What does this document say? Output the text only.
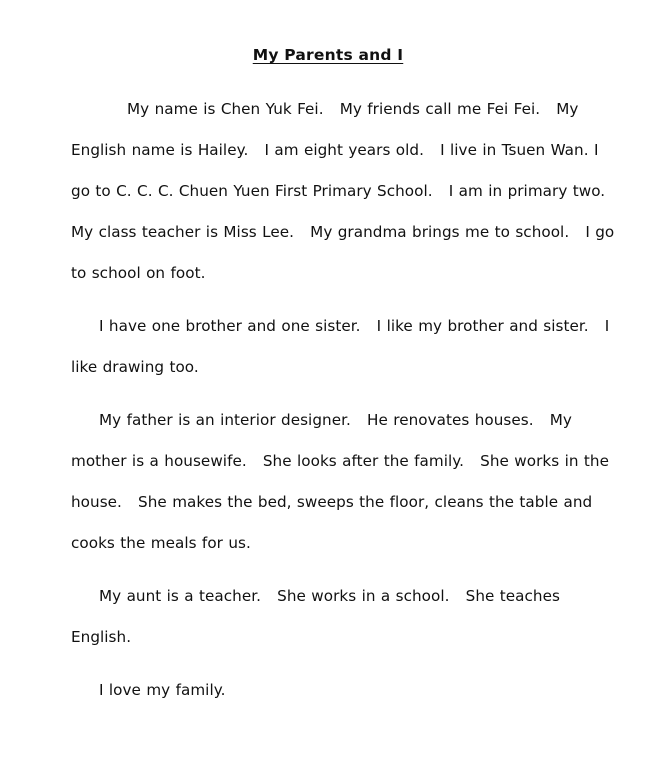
My Parents and I

My name is Chen Yuk Fei.   My friends call me Fei Fei.   My English name is Hailey.   I am eight years old.   I live in Tsuen Wan. I go to C. C. C. Chuen Yuen First Primary School.   I am in primary two.   My class teacher is Miss Lee.   My grandma brings me to school.   I go to school on foot.

I have one brother and one sister.   I like my brother and sister.   I like drawing too.

My father is an interior designer.   He renovates houses.   My mother is a housewife.   She looks after the family.   She works in the house.   She makes the bed, sweeps the floor, cleans the table and cooks the meals for us.

My aunt is a teacher.   She works in a school.   She teaches English.

I love my family.
